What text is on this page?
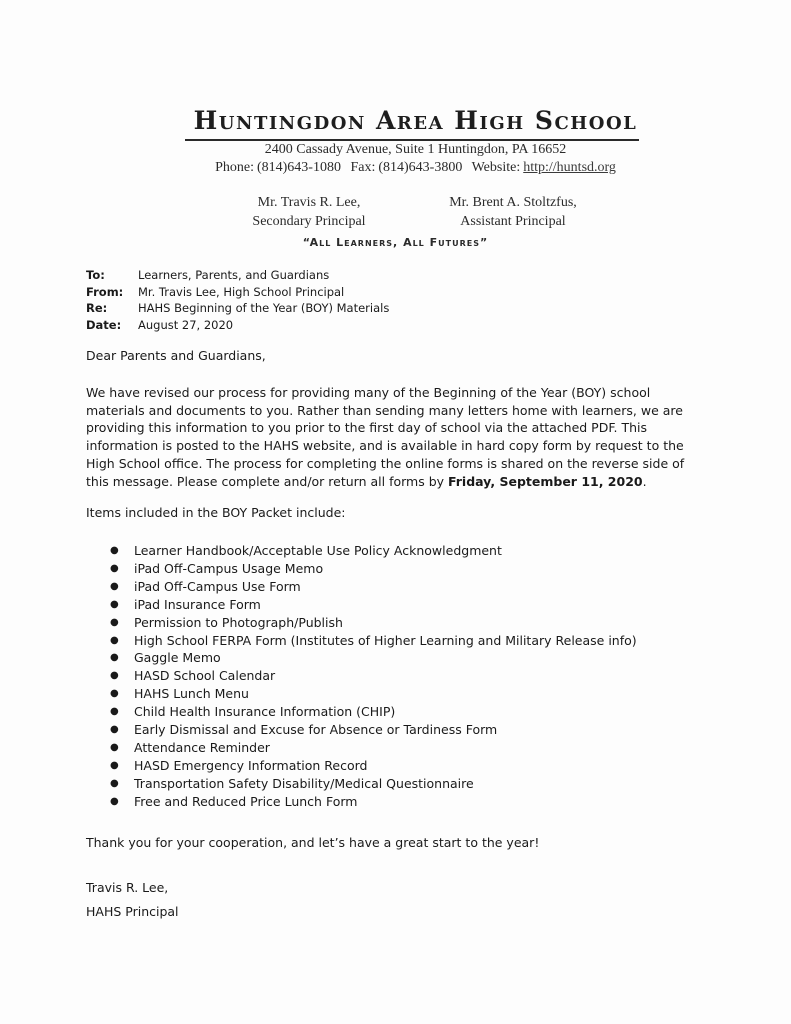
Huntingdon Area High School
2400 Cassady Avenue, Suite 1 Huntingdon, PA 16652
Phone: (814)643-1080 Fax: (814)643-3800 Website: http://huntsd.org
Mr. Travis R. Lee,
Secondary Principal
Mr. Brent A. Stoltzfus,
Assistant Principal
“All Learners, All Futures”
To:	Learners, Parents, and Guardians
From:	Mr. Travis Lee, High School Principal
Re:	HAHS Beginning of the Year (BOY) Materials
Date:	August 27, 2020
Dear Parents and Guardians,
We have revised our process for providing many of the Beginning of the Year (BOY) school materials and documents to you. Rather than sending many letters home with learners, we are providing this information to you prior to the first day of school via the attached PDF. This information is posted to the HAHS website, and is available in hard copy form by request to the High School office. The process for completing the online forms is shared on the reverse side of this message. Please complete and/or return all forms by Friday, September 11, 2020.
Items included in the BOY Packet include:
●	Learner Handbook/Acceptable Use Policy Acknowledgment
●	iPad Off-Campus Usage Memo
●	iPad Off-Campus Use Form
●	iPad Insurance Form
●	Permission to Photograph/Publish
●	High School FERPA Form (Institutes of Higher Learning and Military Release info)
●	Gaggle Memo
●	HASD School Calendar
●	HAHS Lunch Menu
●	Child Health Insurance Information (CHIP)
●	Early Dismissal and Excuse for Absence or Tardiness Form
●	Attendance Reminder
●	HASD Emergency Information Record
●	Transportation Safety Disability/Medical Questionnaire
●	Free and Reduced Price Lunch Form
Thank you for your cooperation, and let’s have a great start to the year!
Travis R. Lee,
HAHS Principal
